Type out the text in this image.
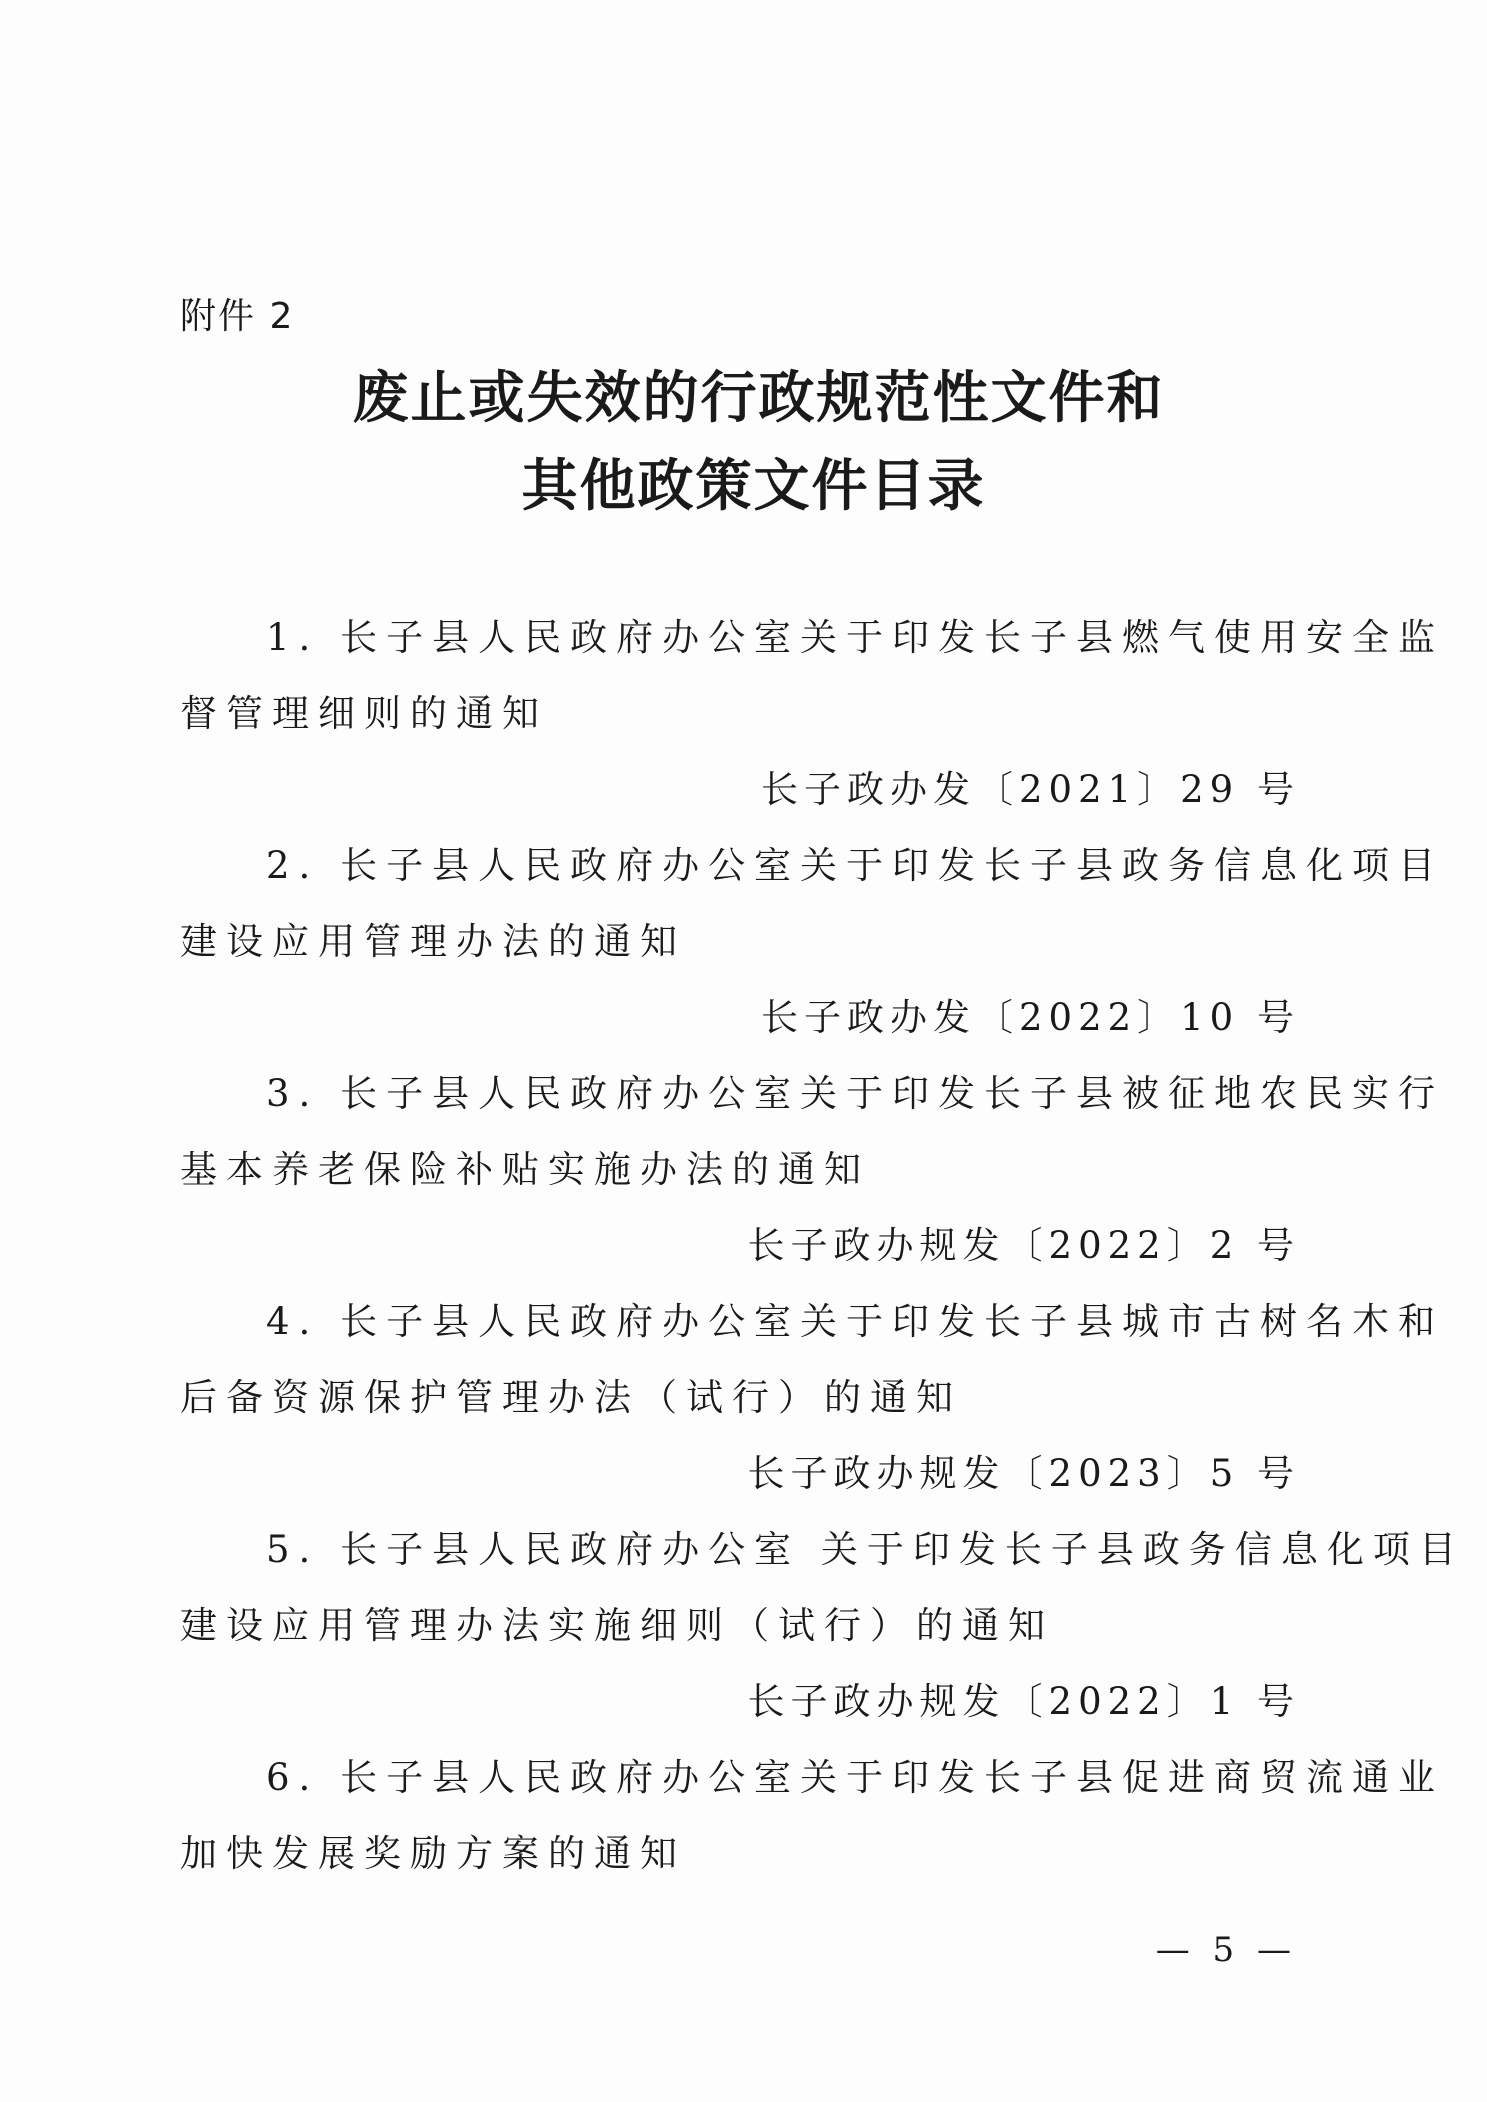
附件 2

废止或失效的行政规范性文件和
其他政策文件目录

1. 长子县人民政府办公室关于印发长子县燃气使用安全监

督管理细则的通知

长子政办发〔2021〕29 号

2. 长子县人民政府办公室关于印发长子县政务信息化项目

建设应用管理办法的通知

长子政办发〔2022〕10 号

3. 长子县人民政府办公室关于印发长子县被征地农民实行

基本养老保险补贴实施办法的通知

长子政办规发〔2022〕2 号

4. 长子县人民政府办公室关于印发长子县城市古树名木和

后备资源保护管理办法（试行）的通知

长子政办规发〔2023〕5 号

5. 长子县人民政府办公室 关于印发长子县政务信息化项目

建设应用管理办法实施细则（试行）的通知

长子政办规发〔2022〕1 号

6. 长子县人民政府办公室关于印发长子县促进商贸流通业

加快发展奖励方案的通知

— 5 —
